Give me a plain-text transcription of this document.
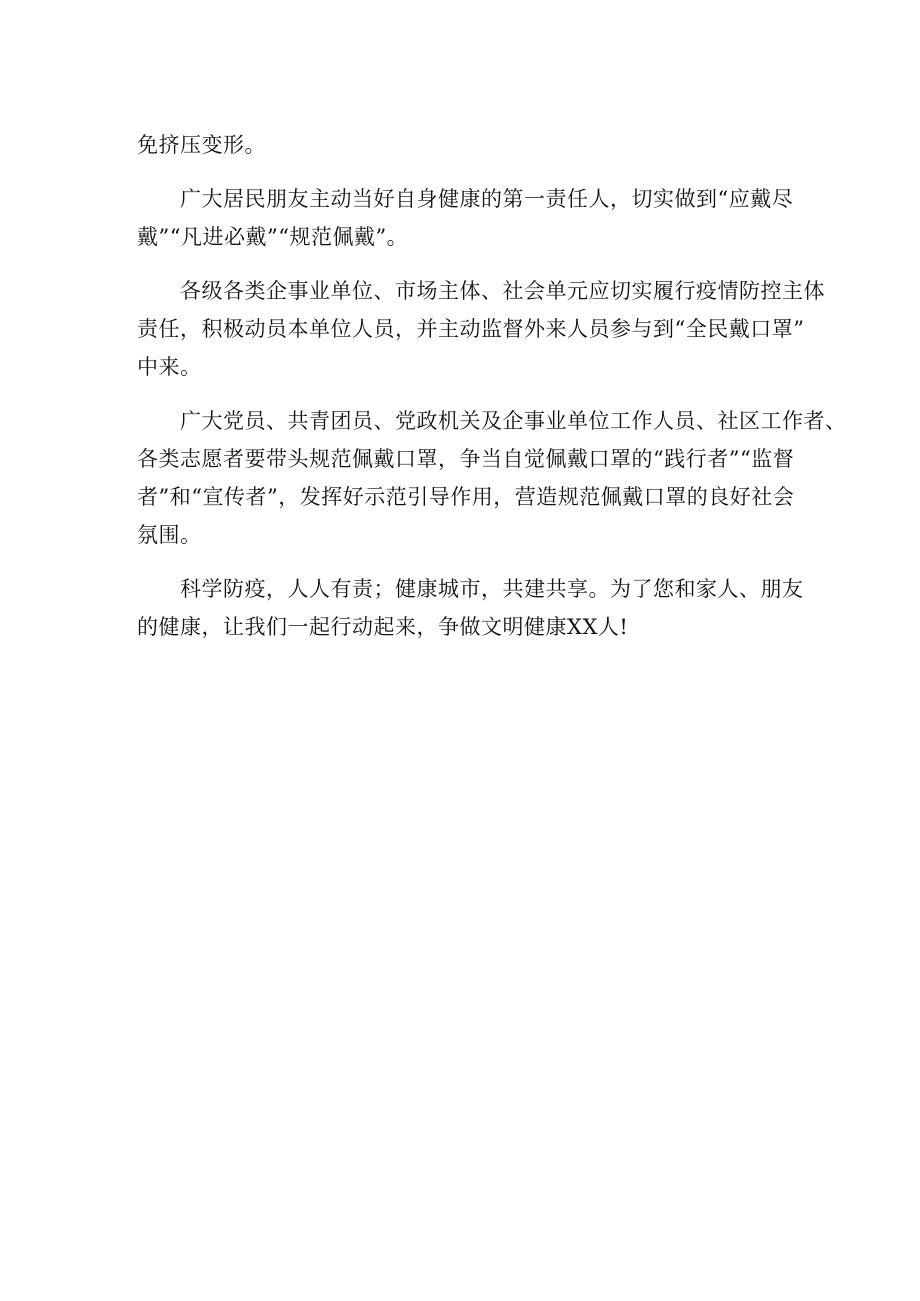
免挤压变形。

广大居民朋友主动当好自身健康的第一责任人，切实做到“应戴尽
戴”“凡进必戴”“规范佩戴”。

各级各类企事业单位、市场主体、社会单元应切实履行疫情防控主体
责任，积极动员本单位人员，并主动监督外来人员参与到“全民戴口罩”
中来。

广大党员、共青团员、党政机关及企事业单位工作人员、社区工作者、
各类志愿者要带头规范佩戴口罩，争当自觉佩戴口罩的“践行者”“监督
者”和“宣传者”，发挥好示范引导作用，营造规范佩戴口罩的良好社会
氛围。

科学防疫，人人有责；健康城市，共建共享。为了您和家人、朋友
的健康，让我们一起行动起来，争做文明健康XX人!
